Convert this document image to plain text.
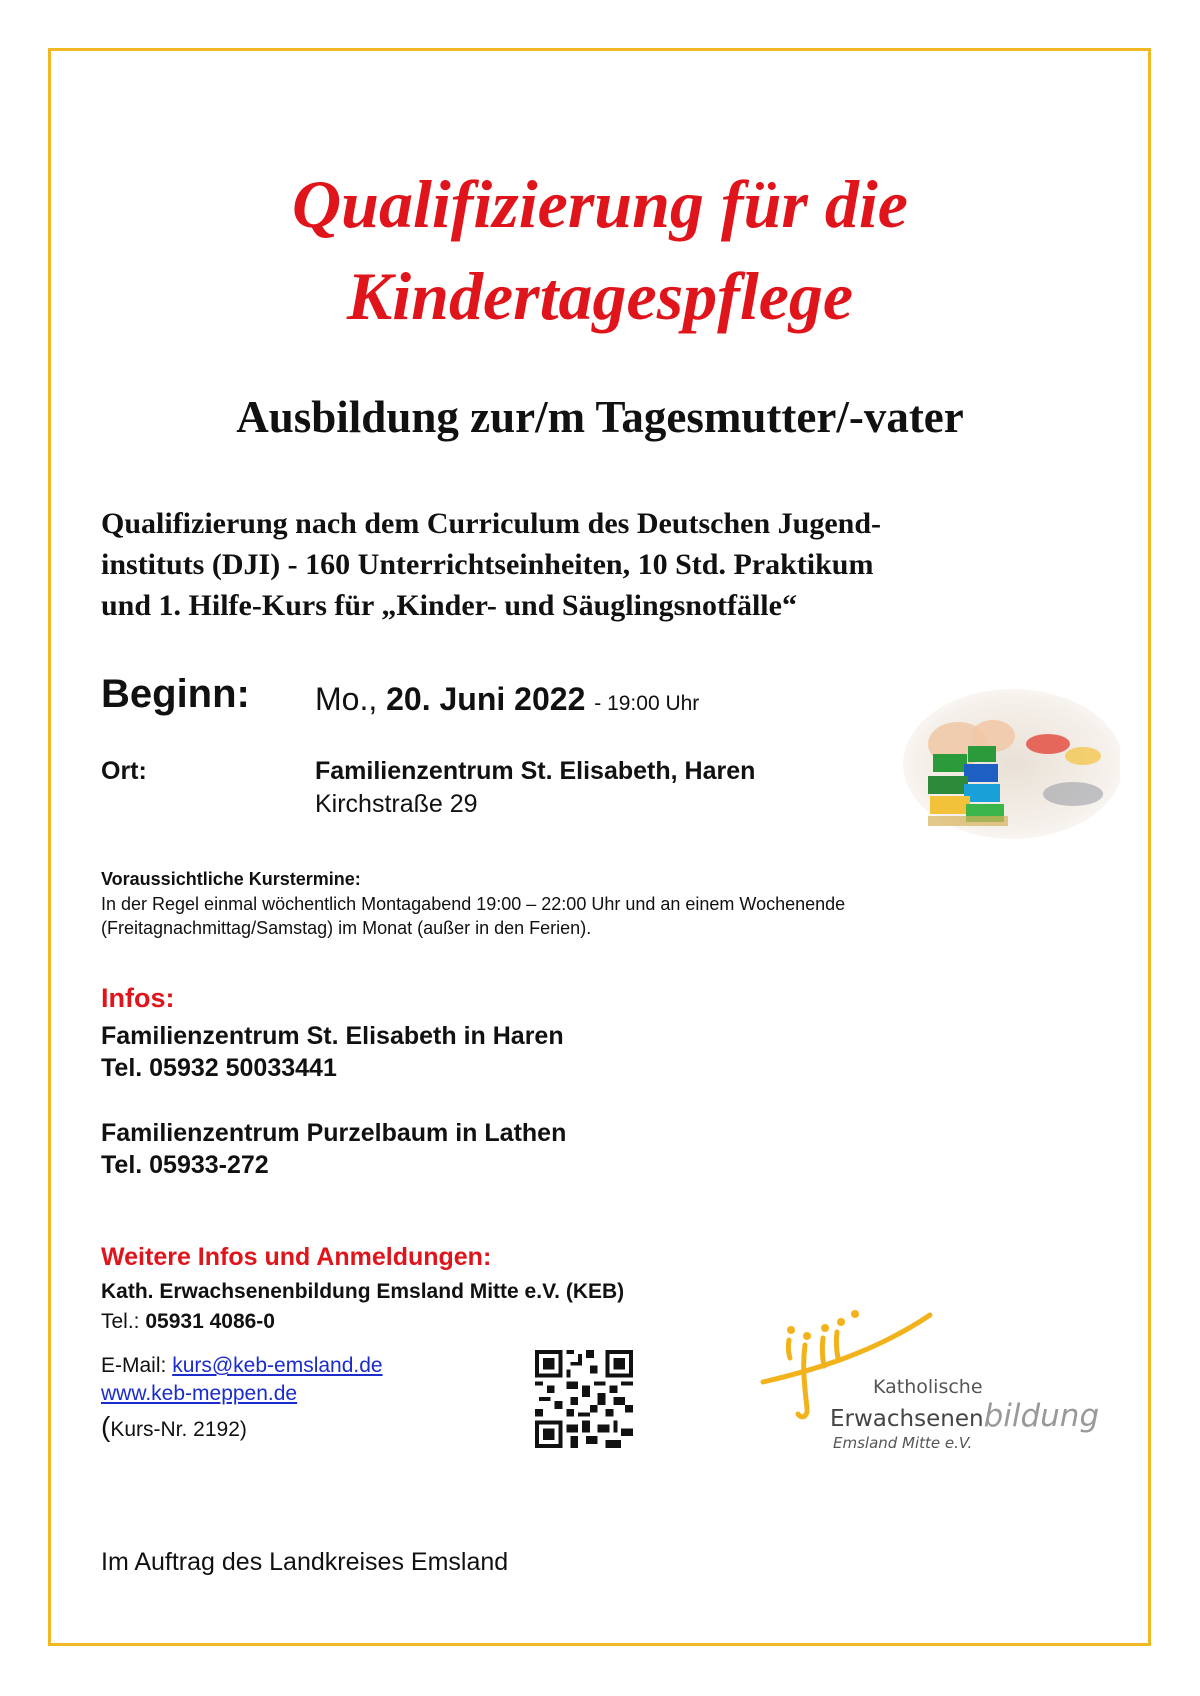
Qualifizierung für die
Kindertagespflege
Ausbildung zur/m Tagesmutter/-vater
Qualifizierung nach dem Curriculum des Deutschen Jugend-
instituts (DJI) - 160 Unterrichtseinheiten, 10 Std. Praktikum
und 1. Hilfe-Kurs für „Kinder- und Säuglingsnotfälle“
Beginn: Mo., 20. Juni 2022 - 19:00 Uhr
Ort:	Familienzentrum St. Elisabeth, Haren
Kirchstraße 29
Voraussichtliche Kurstermine:
In der Regel einmal wöchentlich Montagabend 19:00 – 22:00 Uhr und an einem Wochenende (Freitagnachmittag/Samstag) im Monat (außer in den Ferien).
Infos:
Familienzentrum St. Elisabeth in Haren
Tel. 05932 50033441
Familienzentrum Purzelbaum in Lathen
Tel. 05933-272
Weitere Infos und Anmeldungen:
Kath. Erwachsenenbildung Emsland Mitte e.V. (KEB)
Tel.: 05931 4086-0
E-Mail: kurs@keb-emsland.de
www.keb-meppen.de
(Kurs-Nr. 2192)
Katholische
Erwachsenenbildung
Emsland Mitte e.V.
Im Auftrag des Landkreises Emsland
